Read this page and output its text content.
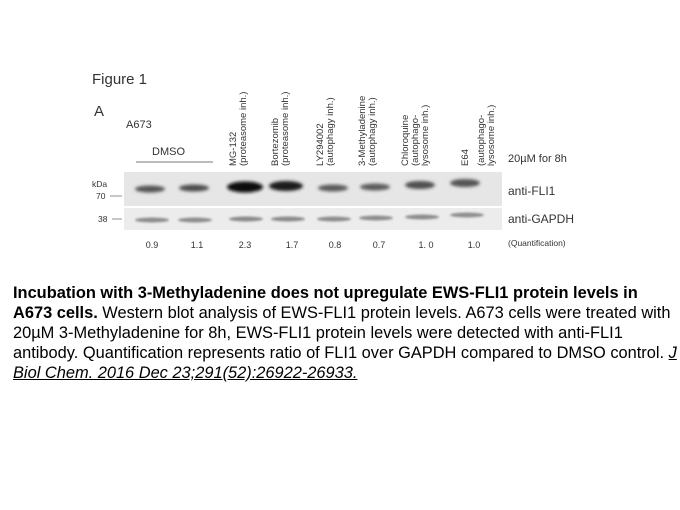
Figure 1
A
A673
DMSO	MG-132(proteasome inh.) Bortezomib(proteasome inh.)	LY294002(autophagy inh.) 3-Methyladenine(autophagy inh.) Chloroquine(autophago-lysosome inh.)	E64 (autophago-lysosome inh.) 20µM for 8h
kDa
70
38
anti-FLI1
anti-GAPDH
0.9	1.1	2.3	1.7	0.8	0.7	1. 0	1.0	(Quantification)
Incubation with 3-Methyladenine does not upregulate EWS-FLI1 protein levels in A673 cells. Western blot analysis of EWS-FLI1 protein levels. A673 cells were treated with 20µM 3-Methyladenine for 8h, EWS-FLI1 protein levels were detected with anti-FLI1 antibody. Quantification represents ratio of FLI1 over GAPDH compared to DMSO control. J Biol Chem. 2016 Dec 23;291(52):26922-26933.
